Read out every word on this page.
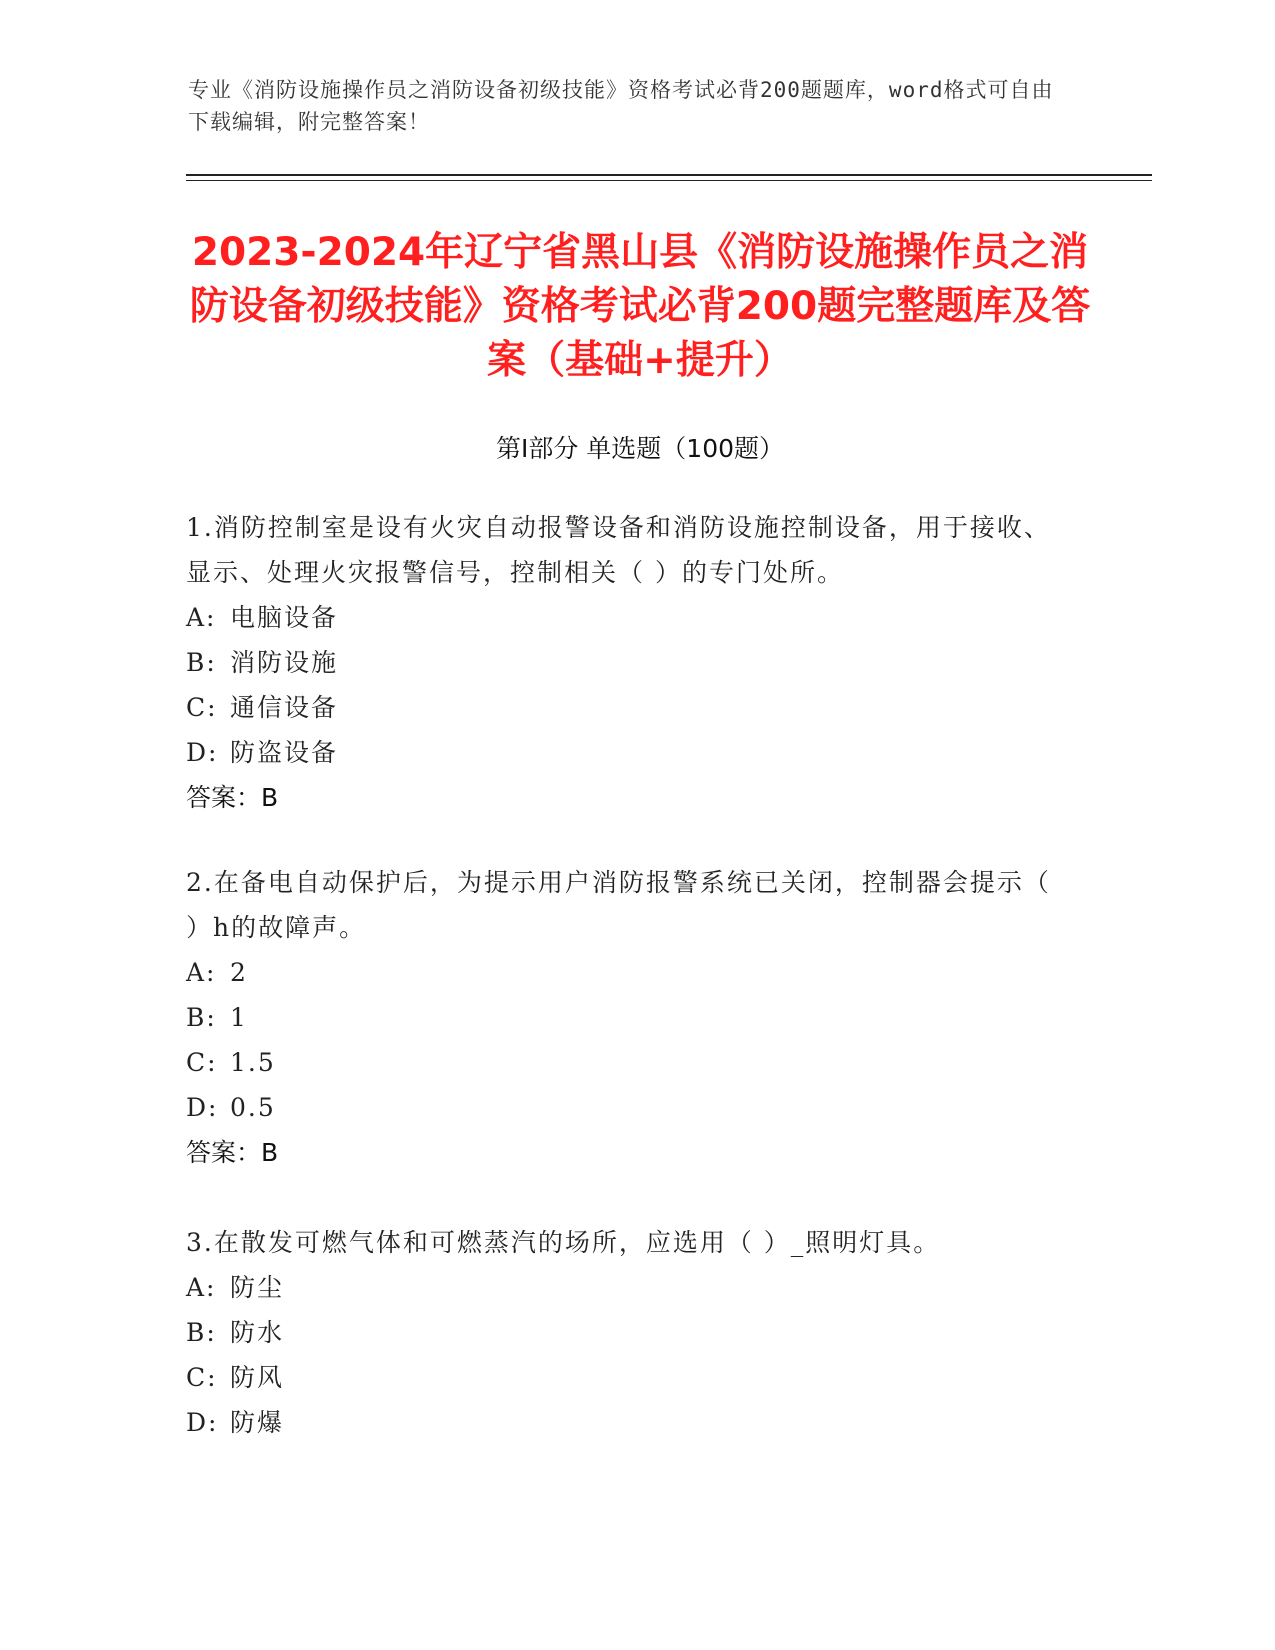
专业《消防设施操作员之消防设备初级技能》资格考试必背200题题库，word格式可自由下载编辑，附完整答案！
2023-2024年辽宁省黑山县《消防设施操作员之消防设备初级技能》资格考试必背200题完整题库及答案（基础+提升）
第I部分 单选题（100题）
1.消防控制室是设有火灾自动报警设备和消防设施控制设备，用于接收、显示、处理火灾报警信号，控制相关（ ）的专门处所。
A: 电脑设备
B: 消防设施
C: 通信设备
D: 防盗设备
答案：B
2.在备电自动保护后，为提示用户消防报警系统已关闭，控制器会提示（ ）h的故障声。
A: 2
B: 1
C: 1.5
D: 0.5
答案：B
3.在散发可燃气体和可燃蒸汽的场所，应选用（ ）_照明灯具。
A: 防尘
B: 防水
C: 防风
D: 防爆
